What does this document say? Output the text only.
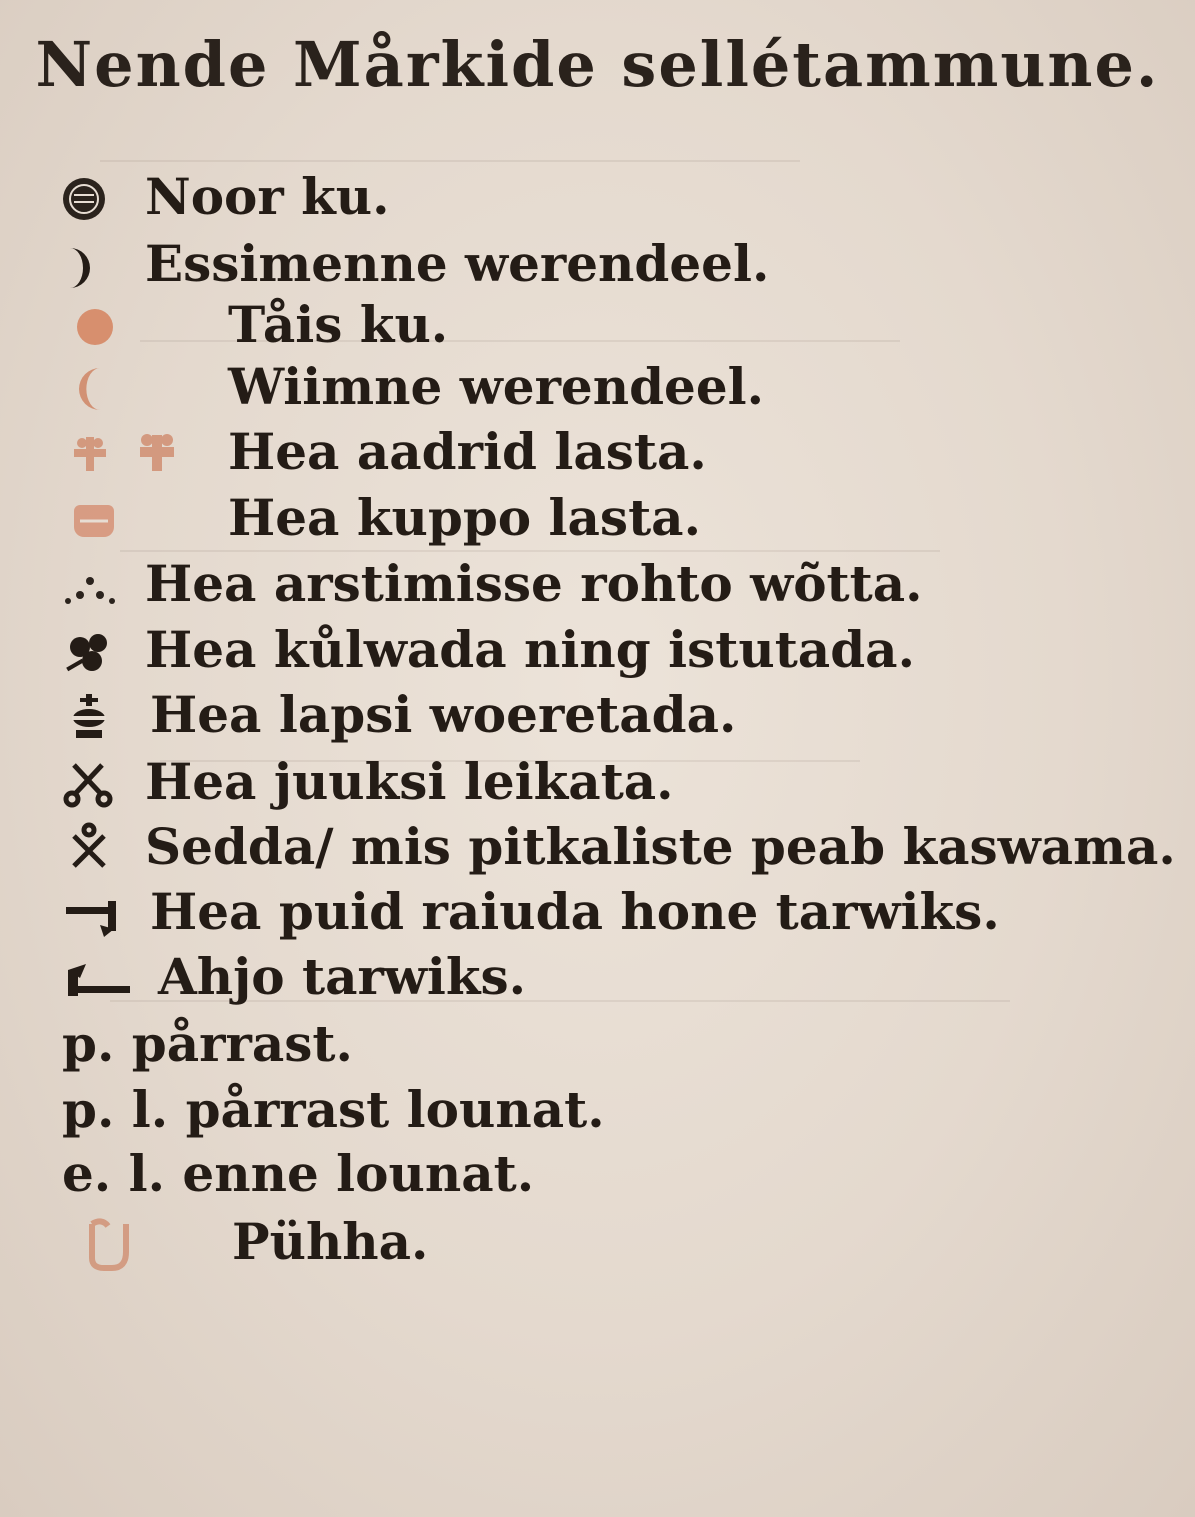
Nende Mårkide sellétammune.
Noor ku.
Essimenne werendeel.
Tåis ku.
Wiimne werendeel.
Hea aadrid lasta.
Hea kuppo lasta.
Hea arstimisse rohto wõtta.
Hea kůlwada ning istutada.
Hea lapsi woeretada.
Hea juuksi leikata.
Sedda/ mis pitkaliste peab kaswama.
Hea puid raiuda hone tarwiks.
Ahjo tarwiks.
p. pårrast.
p. l. pårrast lounat.
e. l. enne lounat.
Pühha.
